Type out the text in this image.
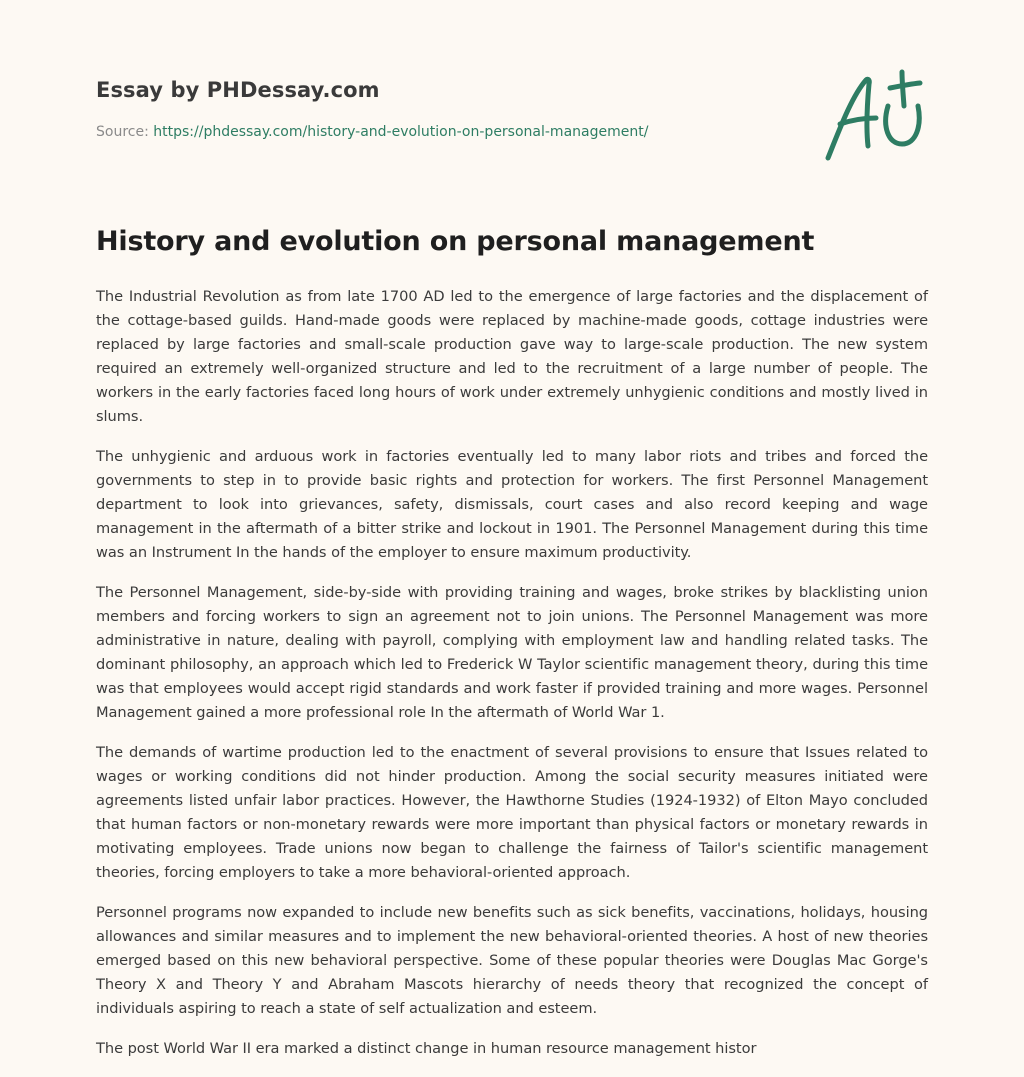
Essay by PHDessay.com
Source: https://phdessay.com/history-and-evolution-on-personal-management/
History and evolution on personal management

The Industrial Revolution as from late 1700 AD led to the emergence of large factories and the displacement of the cottage-based guilds. Hand-made goods were replaced by machine-made goods, cottage industries were replaced by large factories and small-scale production gave way to large-scale production. The new system required an extremely well-organized structure and led to the recruitment of a large number of people. The workers in the early factories faced long hours of work under extremely unhygienic conditions and mostly lived in slums.

The unhygienic and arduous work in factories eventually led to many labor riots and tribes and forced the governments to step in to provide basic rights and protection for workers. The first Personnel Management department to look into grievances, safety, dismissals, court cases and also record keeping and wage management in the aftermath of a bitter strike and lockout in 1901. The Personnel Management during this time was an Instrument In the hands of the employer to ensure maximum productivity.

The Personnel Management, side-by-side with providing training and wages, broke strikes by blacklisting union members and forcing workers to sign an agreement not to join unions. The Personnel Management was more administrative in nature, dealing with payroll, complying with employment law and handling related tasks. The dominant philosophy, an approach which led to Frederick W Taylor scientific management theory, during this time was that employees would accept rigid standards and work faster if provided training and more wages. Personnel Management gained a more professional role In the aftermath of World War 1.

The demands of wartime production led to the enactment of several provisions to ensure that Issues related to wages or working conditions did not hinder production. Among the social security measures initiated were agreements listed unfair labor practices. However, the Hawthorne Studies (1924-1932) of Elton Mayo concluded that human factors or non-monetary rewards were more important than physical factors or monetary rewards in motivating employees. Trade unions now began to challenge the fairness of Tailor's scientific management theories, forcing employers to take a more behavioral-oriented approach.

Personnel programs now expanded to include new benefits such as sick benefits, vaccinations, holidays, housing allowances and similar measures and to implement the new behavioral-oriented theories. A host of new theories emerged based on this new behavioral perspective. Some of these popular theories were Douglas Mac Gorge's Theory X and Theory Y and Abraham Mascots hierarchy of needs theory that recognized the concept of individuals aspiring to reach a state of self actualization and esteem.

The post World War II era marked a distinct change in human resource management histor
